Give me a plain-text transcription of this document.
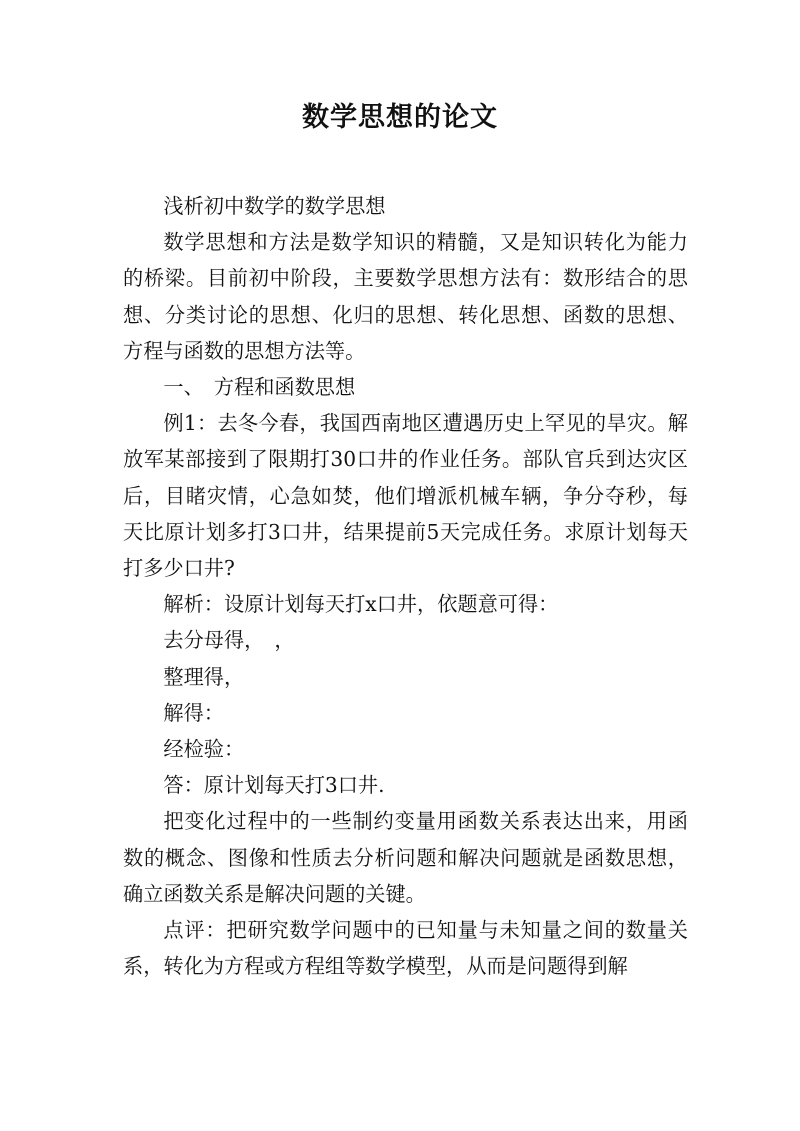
数学思想的论文

浅析初中数学的数学思想

数学思想和方法是数学知识的精髓，又是知识转化为能力的桥梁。目前初中阶段，主要数学思想方法有：数形结合的思想、分类讨论的思想、化归的思想、转化思想、函数的思想、方程与函数的思想方法等。

一、　方程和函数思想

例1：去冬今春，我国西南地区遭遇历史上罕见的旱灾。解放军某部接到了限期打30口井的作业任务。部队官兵到达灾区后，目睹灾情，心急如焚，他们增派机械车辆，争分夺秒，每天比原计划多打3口井，结果提前5天完成任务。求原计划每天打多少口井?

解析：设原计划每天打x口井，依题意可得：

去分母得，　，

整理得，

解得：

经检验：

答：原计划每天打3口井.

把变化过程中的一些制约变量用函数关系表达出来，用函数的概念、图像和性质去分析问题和解决问题就是函数思想，确立函数关系是解决问题的关键。

点评：把研究数学问题中的已知量与未知量之间的数量关系，转化为方程或方程组等数学模型，从而是问题得到解
